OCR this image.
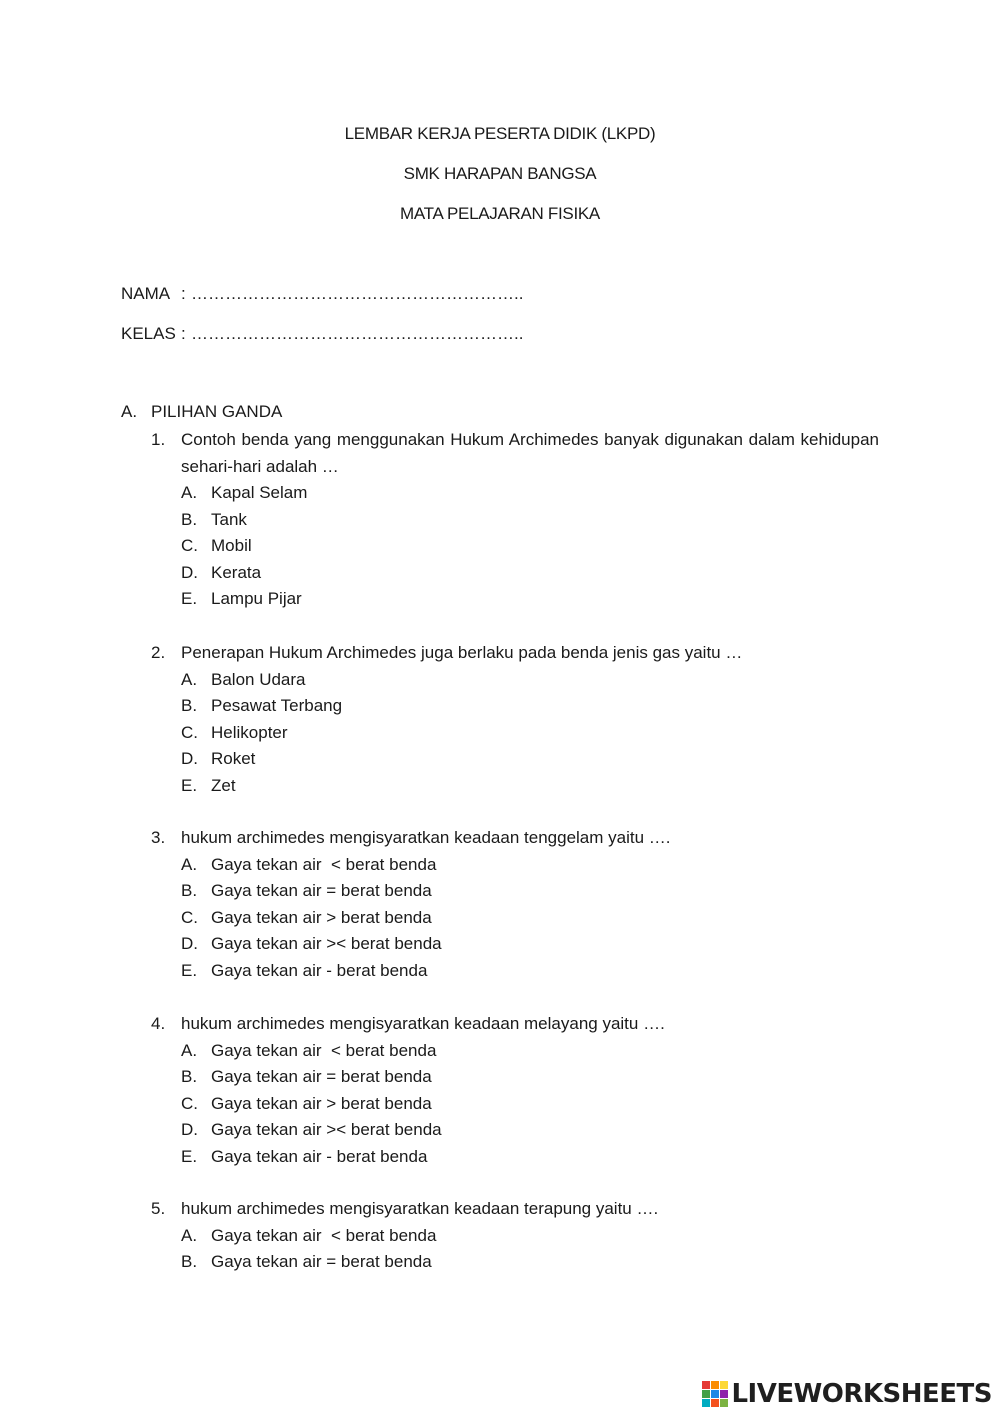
LEMBAR KERJA PESERTA DIDIK (LKPD)
SMK HARAPAN BANGSA
MATA PELAJARAN FISIKA
NAMA : …………………………………………………..
KELAS : …………………………………………………..
A. PILIHAN GANDA
1. Contoh benda yang menggunakan Hukum Archimedes banyak digunakan dalam kehidupan sehari-hari adalah …
A. Kapal Selam
B. Tank
C. Mobil
D. Kerata
E. Lampu Pijar
2. Penerapan Hukum Archimedes juga berlaku pada benda jenis gas yaitu …
A. Balon Udara
B. Pesawat Terbang
C. Helikopter
D. Roket
E. Zet
3. hukum archimedes mengisyaratkan keadaan tenggelam yaitu ….
A. Gaya tekan air  < berat benda
B. Gaya tekan air = berat benda
C. Gaya tekan air > berat benda
D. Gaya tekan air >< berat benda
E. Gaya tekan air - berat benda
4. hukum archimedes mengisyaratkan keadaan melayang yaitu ….
A. Gaya tekan air  < berat benda
B. Gaya tekan air = berat benda
C. Gaya tekan air > berat benda
D. Gaya tekan air >< berat benda
E. Gaya tekan air - berat benda
5. hukum archimedes mengisyaratkan keadaan terapung yaitu ….
A. Gaya tekan air  < berat benda
B. Gaya tekan air = berat benda
LIVEWORKSHEETS
